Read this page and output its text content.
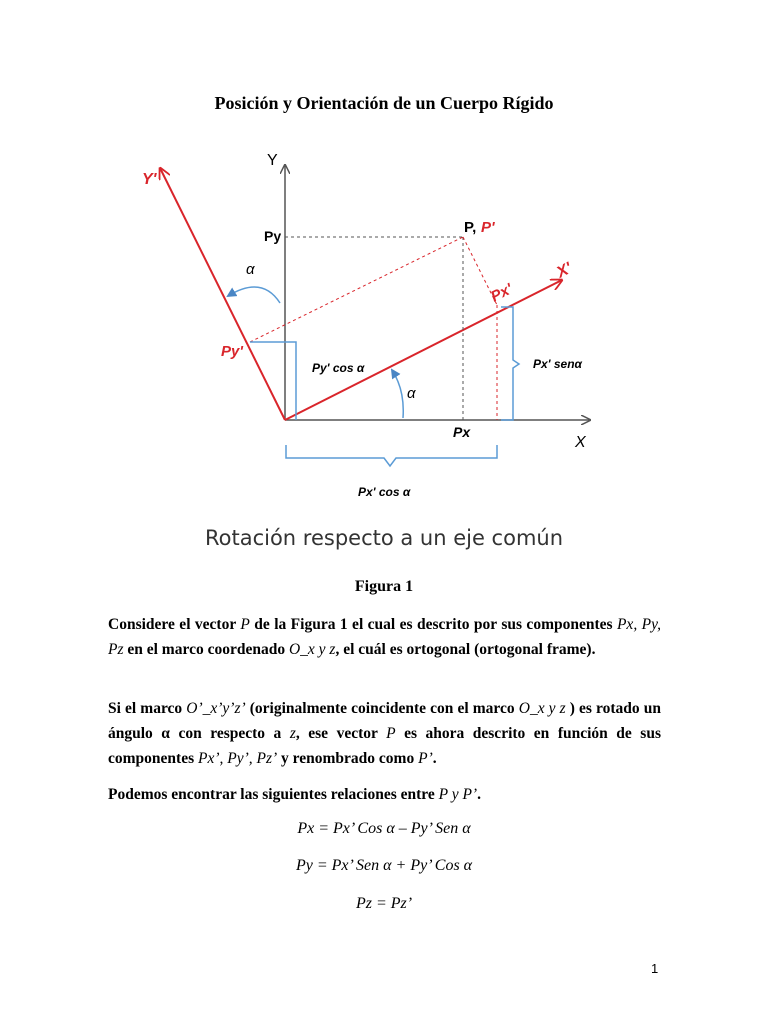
Posición y Orientación de un Cuerpo Rígido
Y
X
Y'
X'
Py
Px
P, P'
α
α
Py'
Px'
Py' cos α	Px' senα
Px' cos α
Rotación respecto a un eje común
Figura 1

Considere el vector P de la Figura 1 el cual es descrito por sus componentes Px, Py, Pz en el marco coordenado O_x y z, el cuál es ortogonal (ortogonal frame).

Si el marco O’_x’y’z’ (originalmente coincidente con el marco O_x y z ) es rotado un ángulo α con respecto a z, ese vector P es ahora descrito en función de sus componentes Px’, Py’, Pz’ y renombrado como P’.

Podemos encontrar las siguientes relaciones entre P y P’.

Px = Px’ Cos α – Py’ Sen α
Py = Px’ Sen α + Py’ Cos α
Pz = Pz’
1
